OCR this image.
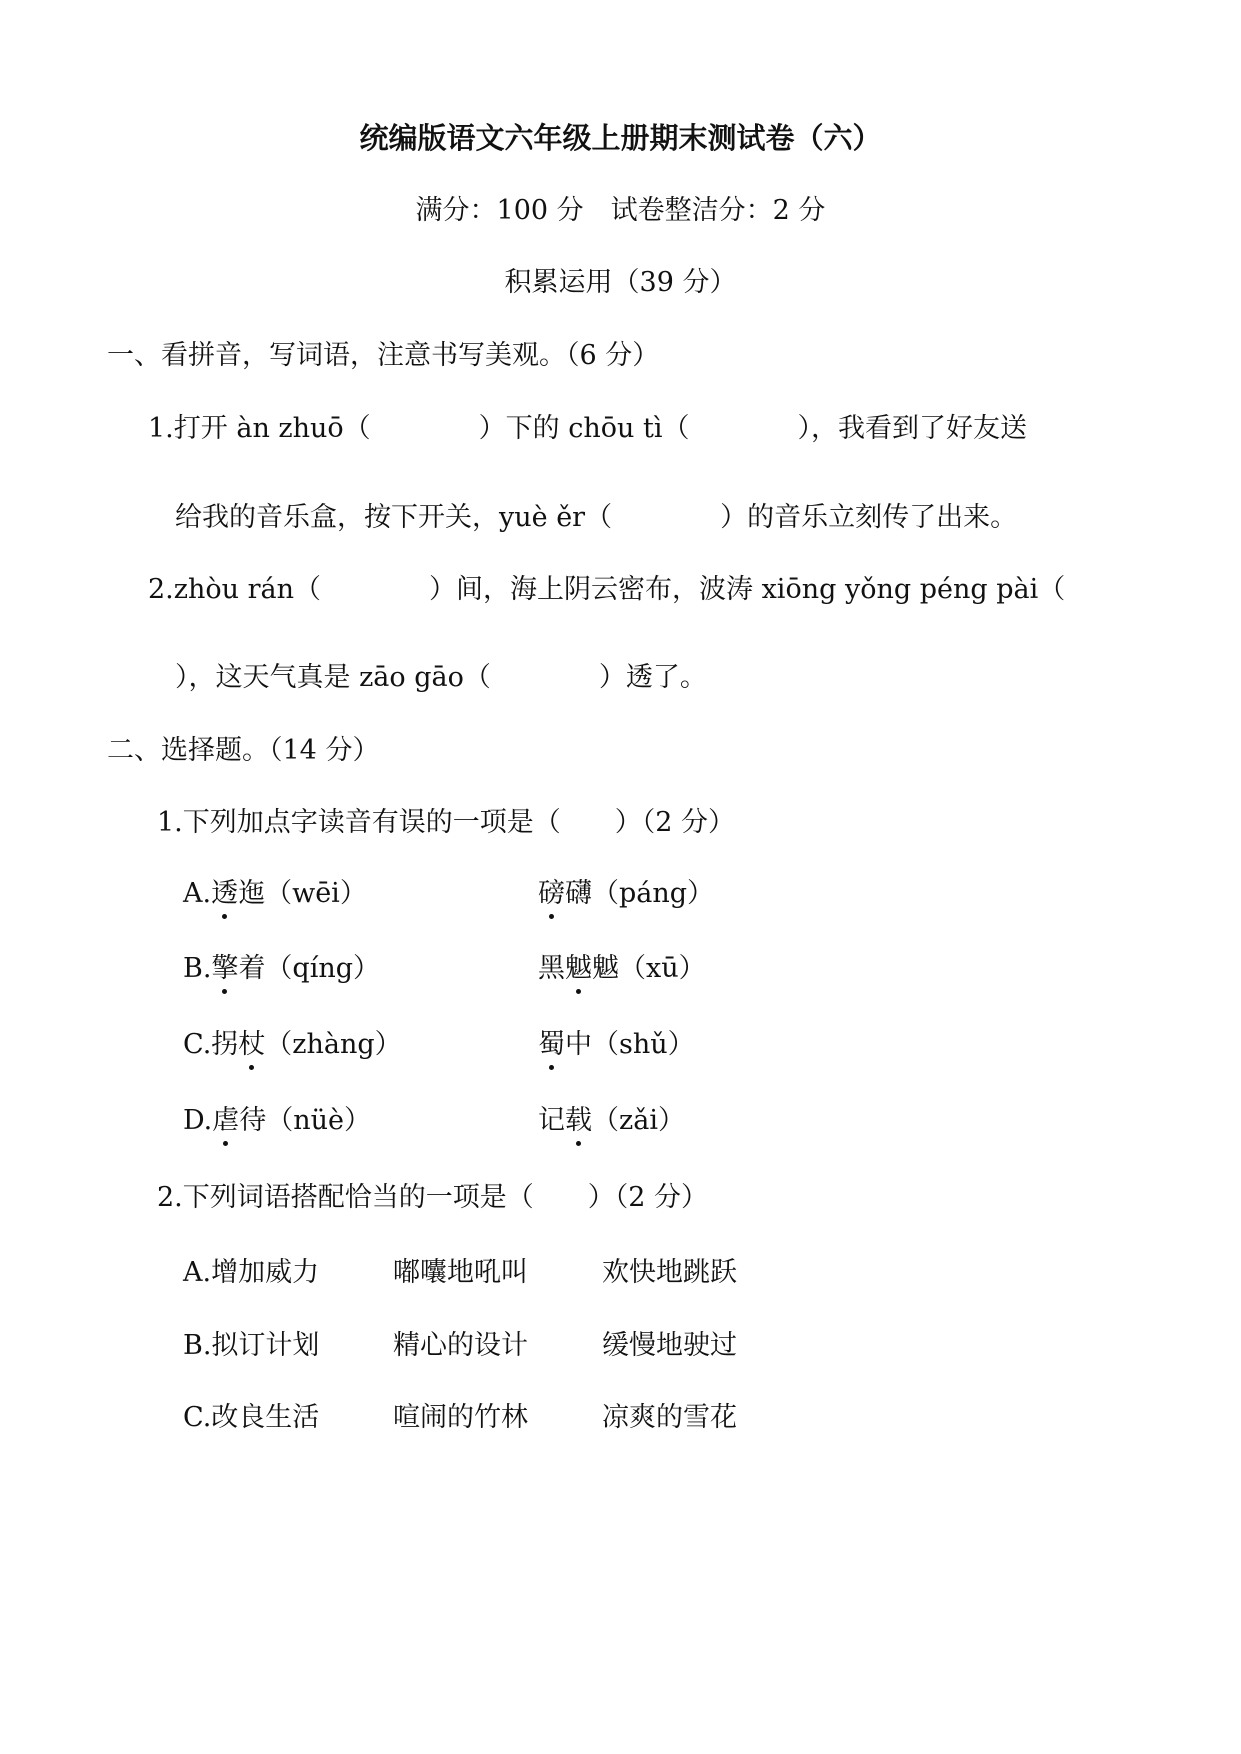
统编版语文六年级上册期末测试卷（六）
满分：100 分　试卷整洁分：2 分
积累运用（39 分）
一、看拼音，写词语，注意书写美观。（6 分）
1.打开 àn zhuō（　　　　）下的 chōu tì（　　　　），我看到了好友送
给我的音乐盒，按下开关，yuè ěr（　　　　）的音乐立刻传了出来。
2.zhòu rán（　　　　）间，海上阴云密布，波涛 xiōng yǒng péng pài（
），这天气真是 zāo gāo（　　　　）透了。
二、选择题。（14 分）
1.下列加点字读音有误的一项是（　　）（2 分）
A.透迤（wēi）	磅礴（páng）
B.擎着（qíng）	黑魆魆（xū）
C.拐杖（zhàng）	蜀中（shǔ）
D.虐待（nüè）	记载（zǎi）
2.下列词语搭配恰当的一项是（　　）（2 分）
A.增加威力	嘟囔地吼叫	欢快地跳跃
B.拟订计划	精心的设计	缓慢地驶过
C.改良生活	喧闹的竹林	凉爽的雪花
